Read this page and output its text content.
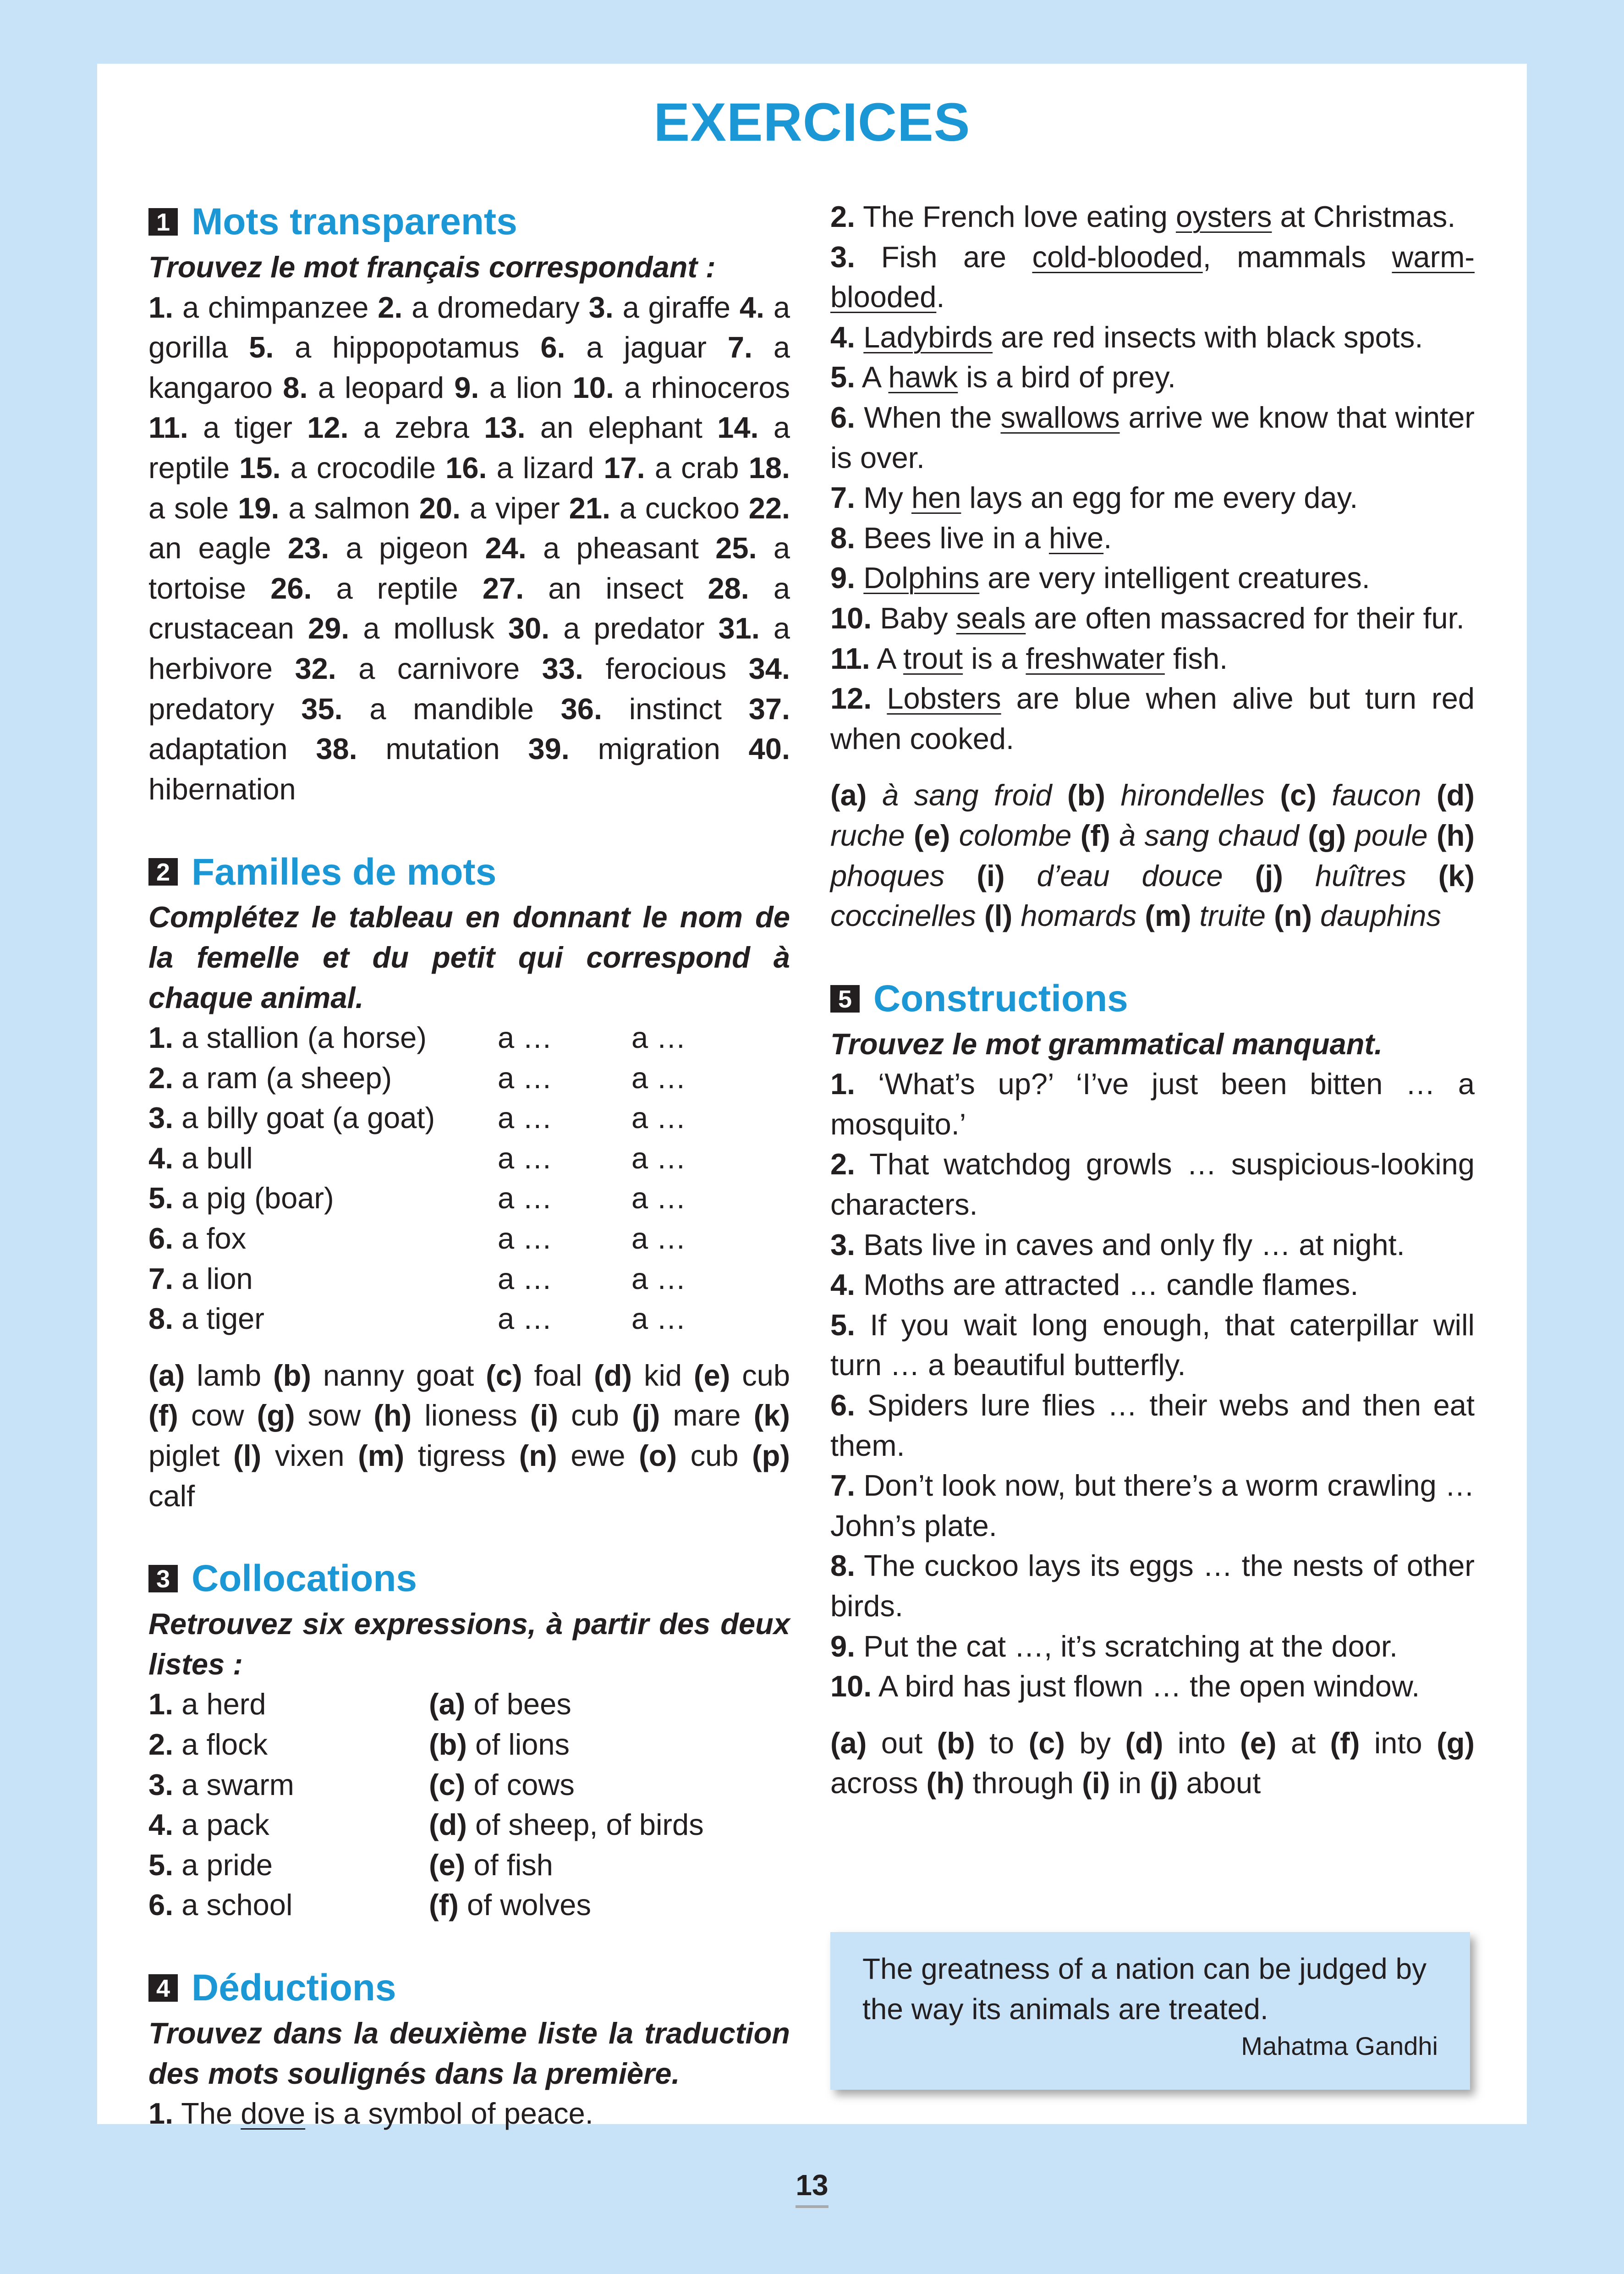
EXERCICES
1 Mots transparents

Trouvez le mot français correspondant :

1. a chimpanzee 2. a dromedary 3. a giraffe 4. a gorilla 5. a hippopotamus 6. a jaguar 7. a kangaroo 8. a leopard 9. a lion 10. a rhinoceros 11. a tiger 12. a zebra 13. an elephant 14. a reptile 15. a crocodile 16. a lizard 17. a crab 18. a sole 19. a salmon 20. a viper 21. a cuckoo 22. an eagle 23. a pigeon 24. a pheasant 25. a tortoise 26. a reptile 27. an insect 28. a crustacean 29. a mollusk 30. a predator 31. a herbivore 32. a carnivore 33. ferocious 34. predatory 35. a mandible 36. instinct 37. adaptation 38. mutation 39. migration 40. hibernation

2 Familles de mots

Complétez le tableau en donnant le nom de la femelle et du petit qui correspond à chaque animal.

1. a stallion (a horse)	a …	a …
2. a ram (a sheep)	a …	a …
3. a billy goat (a goat)	a …	a …
4. a bull	a …	a …
5. a pig (boar)	a …	a …
6. a fox	a …	a …
7. a lion	a …	a …
8. a tiger	a …	a …

(a) lamb (b) nanny goat (c) foal (d) kid (e) cub (f) cow (g) sow (h) lioness (i) cub (j) mare (k) piglet (l) vixen (m) tigress (n) ewe (o) cub (p) calf

3 Collocations

Retrouvez six expressions, à partir des deux listes :

1. a herd	(a) of bees
2. a flock	(b) of lions
3. a swarm	(c) of cows
4. a pack	(d) of sheep, of birds
5. a pride	(e) of fish
6. a school	(f) of wolves
4 Déductions

Trouvez dans la deuxième liste la traduction des mots soulignés dans la première.

1. The dove is a symbol of peace.

2. The French love eating oysters at Christmas.

3. Fish are cold-blooded, mammals warm-blooded.

4. Ladybirds are red insects with black spots.

5. A hawk is a bird of prey.

6. When the swallows arrive we know that winter is over.

7. My hen lays an egg for me every day.

8. Bees live in a hive.

9. Dolphins are very intelligent creatures.

10. Baby seals are often massacred for their fur.

11. A trout is a freshwater fish.

12. Lobsters are blue when alive but turn red when cooked.

(a) à sang froid (b) hirondelles (c) faucon (d) ruche (e) colombe (f) à sang chaud (g) poule (h) phoques (i) d’eau douce (j) huîtres (k) coccinelles (l) homards (m) truite (n) dauphins

5 Constructions

Trouvez le mot grammatical manquant.

1. ‘What’s up?’ ‘I’ve just been bitten … a mosquito.’

2. That watchdog growls … suspicious-looking characters.

3. Bats live in caves and only fly … at night.

4. Moths are attracted … candle flames.

5. If you wait long enough, that caterpillar will turn … a beautiful butterfly.

6. Spiders lure flies … their webs and then eat them.

7. Don’t look now, but there’s a worm crawling … John’s plate.

8. The cuckoo lays its eggs … the nests of other birds.

9. Put the cat …, it’s scratching at the door.

10. A bird has just flown … the open window.

(a) out (b) to (c) by (d) into (e) at (f) into (g) across (h) through (i) in (j) about

The greatness of a nation can be judged by the way its animals are treated.
Mahatma Gandhi
13
